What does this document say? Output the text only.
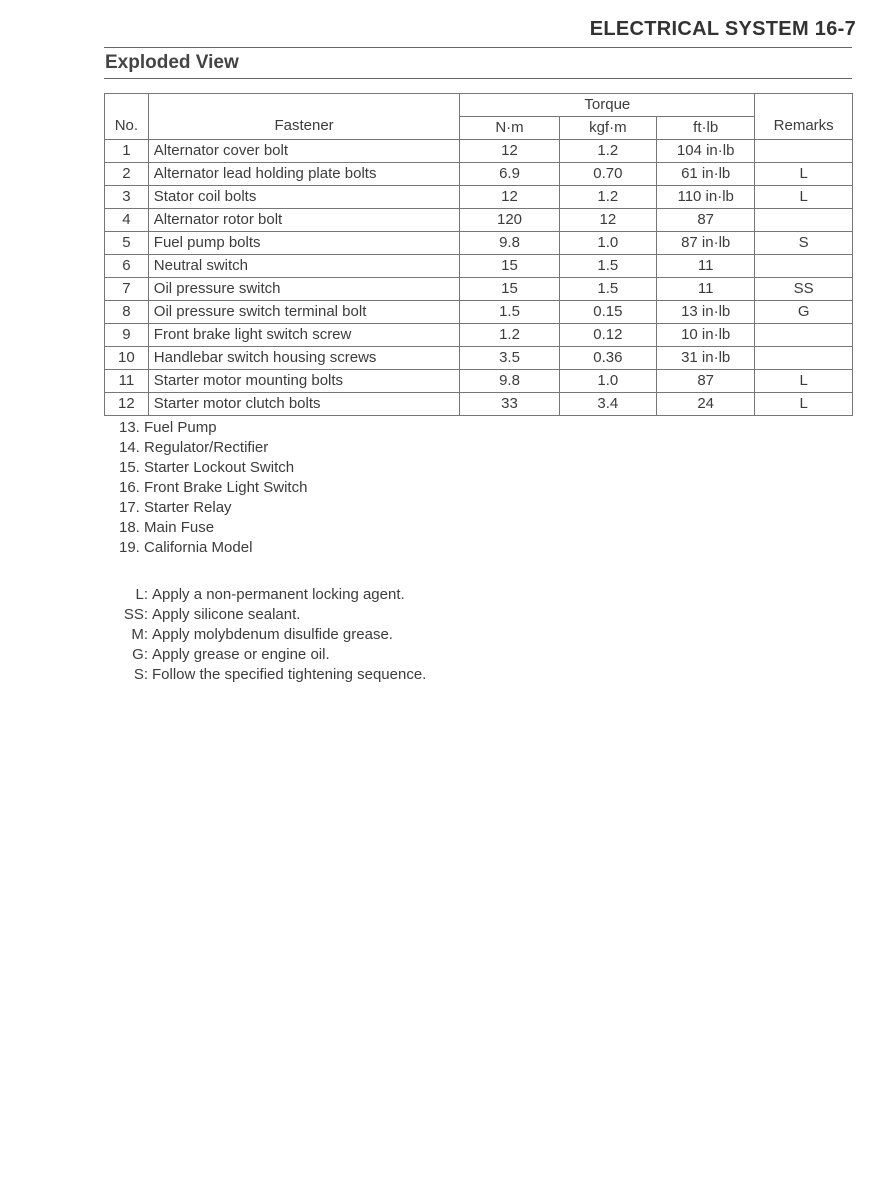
ELECTRICAL SYSTEM 16-7
Exploded View
No.	Fastener	Torque			Remarks
		N·m	kgf·m	ft·lb	
1	Alternator cover bolt	12	1.2	104 in·lb	
2	Alternator lead holding plate bolts	6.9	0.70	61 in·lb	L
3	Stator coil bolts	12	1.2	110 in·lb	L
4	Alternator rotor bolt	120	12	87	
5	Fuel pump bolts	9.8	1.0	87 in·lb	S
6	Neutral switch	15	1.5	11	
7	Oil pressure switch	15	1.5	11	SS
8	Oil pressure switch terminal bolt	1.5	0.15	13 in·lb	G
9	Front brake light switch screw	1.2	0.12	10 in·lb	
10	Handlebar switch housing screws	3.5	0.36	31 in·lb	
11	Starter motor mounting bolts	9.8	1.0	87	L
12	Starter motor clutch bolts	33	3.4	24	L
13. Fuel Pump
14. Regulator/Rectifier
15. Starter Lockout Switch
16. Front Brake Light Switch
17. Starter Relay
18. Main Fuse
19. California Model
L: Apply a non-permanent locking agent.
SS: Apply silicone sealant.
M: Apply molybdenum disulfide grease.
G: Apply grease or engine oil.
S: Follow the specified tightening sequence.
